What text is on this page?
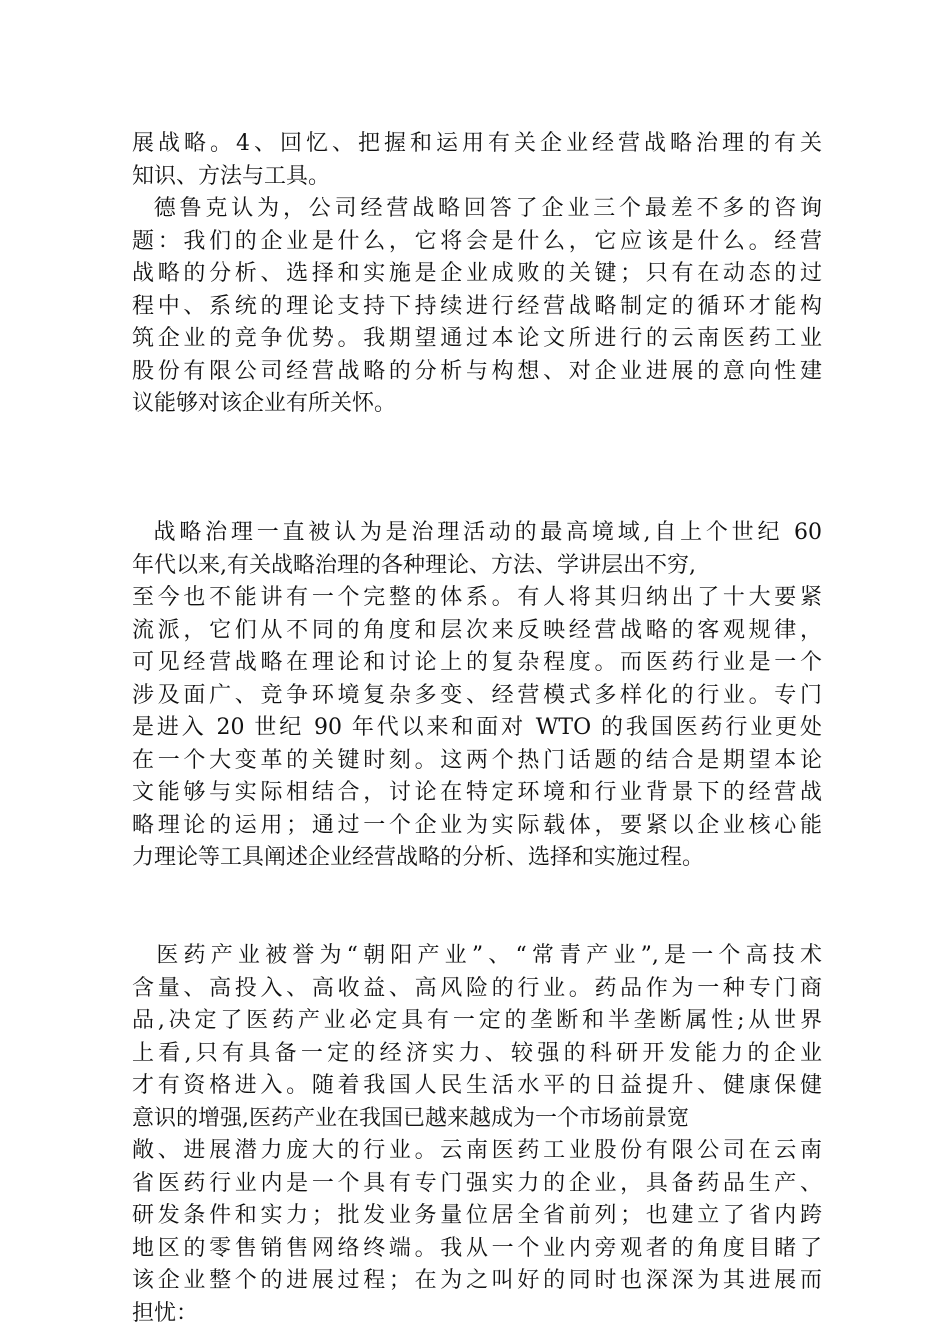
展战略。4、回忆、把握和运用有关企业经营战略治理的有关
知识、方法与工具。
德鲁克认为，公司经营战略回答了企业三个最差不多的咨询
题：我们的企业是什么，它将会是什么，它应该是什么。经营
战略的分析、选择和实施是企业成败的关键；只有在动态的过
程中、系统的理论支持下持续进行经营战略制定的循环才能构
筑企业的竞争优势。我期望通过本论文所进行的云南医药工业
股份有限公司经营战略的分析与构想、对企业进展的意向性建
议能够对该企业有所关怀。
战略治理一直被认为是治理活动的最高境域,自上个世纪 60
年代以来,有关战略治理的各种理论、方法、学讲层出不穷,
至今也不能讲有一个完整的体系。有人将其归纳出了十大要紧
流派，它们从不同的角度和层次来反映经营战略的客观规律，
可见经营战略在理论和讨论上的复杂程度。而医药行业是一个
涉及面广、竞争环境复杂多变、经营模式多样化的行业。专门
是进入 20 世纪 90 年代以来和面对 WTO 的我国医药行业更处
在一个大变革的关键时刻。这两个热门话题的结合是期望本论
文能够与实际相结合，讨论在特定环境和行业背景下的经营战
略理论的运用；通过一个企业为实际载体，要紧以企业核心能
力理论等工具阐述企业经营战略的分析、选择和实施过程。
医药产业被誉为“朝阳产业”、“常青产业”,是一个高技术
含量、高投入、高收益、高风险的行业。药品作为一种专门商
品,决定了医药产业必定具有一定的垄断和半垄断属性;从世界
上看,只有具备一定的经济实力、较强的科研开发能力的企业
才有资格进入。随着我国人民生活水平的日益提升、健康保健
意识的增强,医药产业在我国已越来越成为一个市场前景宽
敞、进展潜力庞大的行业。云南医药工业股份有限公司在云南
省医药行业内是一个具有专门强实力的企业，具备药品生产、
研发条件和实力；批发业务量位居全省前列；也建立了省内跨
地区的零售销售网络终端。我从一个业内旁观者的角度目睹了
该企业整个的进展过程；在为之叫好的同时也深深为其进展而
担忧：
